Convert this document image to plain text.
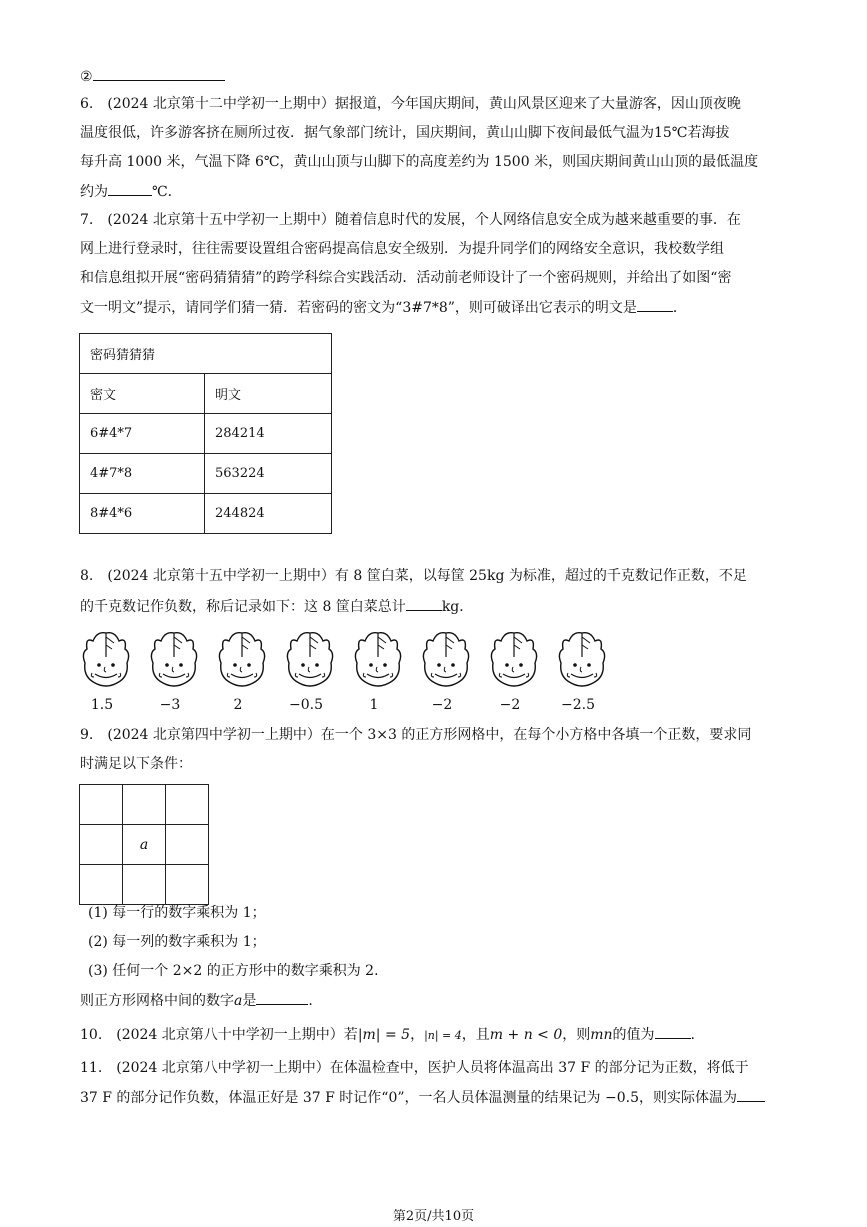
②
6.　(2024 北京第十二中学初一上期中）据报道，今年国庆期间，黄山风景区迎来了大量游客，因山顶夜晚
温度很低，许多游客挤在厕所过夜．据气象部门统计，国庆期间，黄山山脚下夜间最低气温为15℃若海拔
每升高 1000 米，气温下降 6℃，黄山山顶与山脚下的高度差约为 1500 米，则国庆期间黄山山顶的最低温度
约为	℃．
7.　(2024 北京第十五中学初一上期中）随着信息时代的发展，个人网络信息安全成为越来越重要的事．在
网上进行登录时，往往需要设置组合密码提高信息安全级别．为提升同学们的网络安全意识，我校数学组
和信息组拟开展“密码猜猜猜”的跨学科综合实践活动．活动前老师设计了一个密码规则，并给出了如图“密
文一明文”提示，请同学们猜一猜．若密码的密文为“3#7*8”，则可破译出它表示的明文是	．
密码猜猜猜	
密文	明文
6#4*7	284214
4#7*8	563224
8#4*6	244824
8.　(2024 北京第十五中学初一上期中）有 8 筐白菜，以每筐 25kg 为标准，超过的千克数记作正数，不足
的千克数记作负数，称后记录如下：这 8 筐白菜总计	kg．
1.5	−3	2	−0.5	1	−2	−2	−2.5
9.　(2024 北京第四中学初一上期中）在一个 3×3 的正方形网格中，在每个小方格中各填一个正数，要求同
时满足以下条件：

	a	

(1) 每一行的数字乘积为 1；
(2) 每一列的数字乘积为 1；
(3) 任何一个 2×2 的正方形中的数字乘积为 2.
则正方形网格中间的数字a是	.
10.　(2024 北京第八十中学初一上期中）若|m| = 5，|n| = 4，且m + n < 0，则mn的值为	.
11.　(2024 北京第八中学初一上期中）在体温检查中，医护人员将体温高出 37 F 的部分记为正数，将低于
37 F 的部分记作负数，体温正好是 37 F 时记作“0”，一名人员体温测量的结果记为 −0.5，则实际体温为
第2页/共10页
